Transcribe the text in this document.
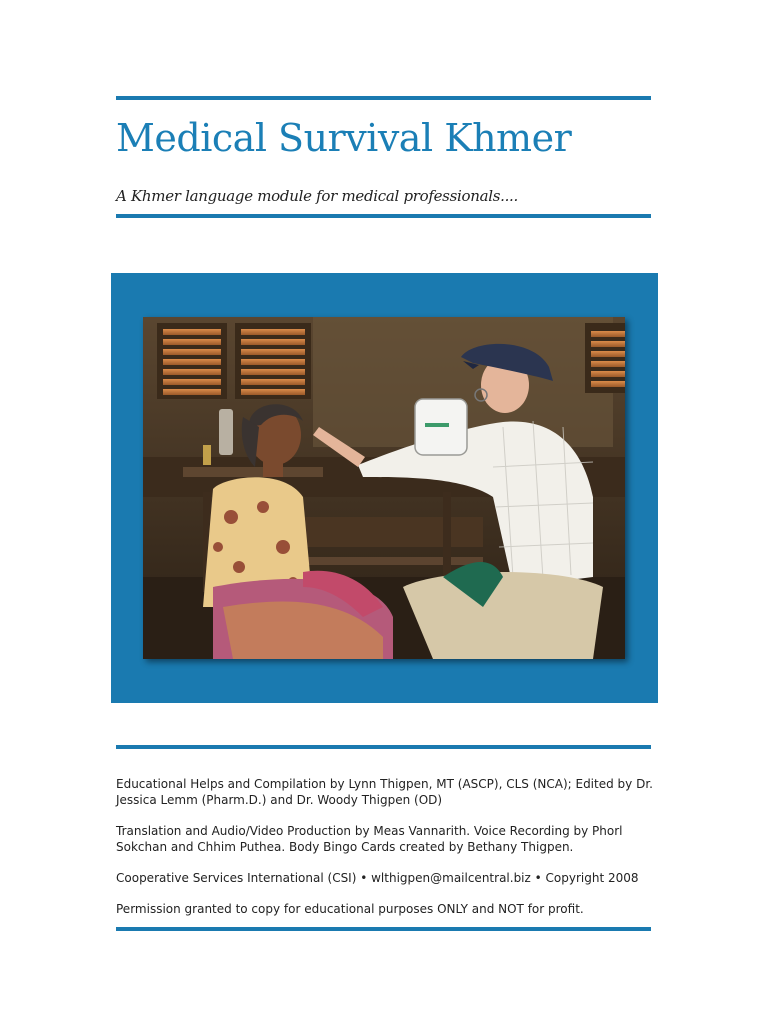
Medical Survival Khmer

A Khmer language module for medical professionals....

Educational Helps and Compilation by Lynn Thigpen, MT (ASCP), CLS (NCA); Edited by Dr. Jessica Lemm (Pharm.D.) and Dr. Woody Thigpen (OD)

Translation and Audio/Video Production by Meas Vannarith. Voice Recording by Phorl Sokchan and Chhim Puthea. Body Bingo Cards created by Bethany Thigpen.

Cooperative Services International (CSI) • wlthigpen@mailcentral.biz • Copyright 2008

Permission granted to copy for educational purposes ONLY and NOT for profit.
